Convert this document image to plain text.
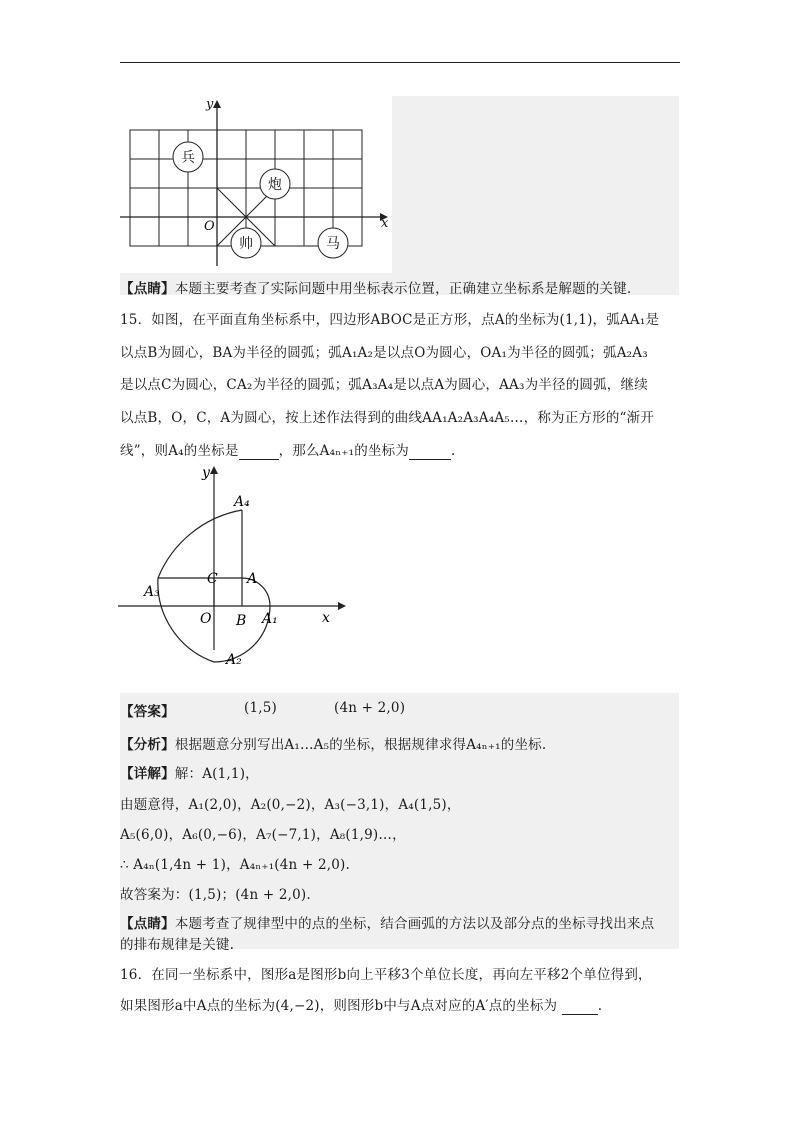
兵
炮
帅	马
x
y
O
【点睛】本题主要考查了实际问题中用坐标表示位置，正确建立坐标系是解题的关键.
15．如图，在平面直角坐标系中，四边形ABOC是正方形，点A的坐标为(1,1)，弧AA₁是
以点B为圆心，BA为半径的圆弧；弧A₁A₂是以点O为圆心，OA₁为半径的圆弧；弧A₂A₃
是以点C为圆心，CA₂为半径的圆弧；弧A₃A₄是以点A为圆心，AA₃为半径的圆弧，继续
以点B，O，C，A为圆心，按上述作法得到的曲线AA₁A₂A₃A₄A₅…，称为正方形的“渐开
线”，则A₄的坐标是	，那么A₄ₙ₊₁的坐标为	.
y
x
O
A
B
C
A₁
A₂
A₃
A₄
【答案】	(1,5)	(4n + 2,0)
【分析】根据题意分别写出A₁…A₅的坐标，根据规律求得A₄ₙ₊₁的坐标.
【详解】解：A(1,1)，
由题意得，A₁(2,0)，A₂(0,−2)，A₃(−3,1)，A₄(1,5)，
A₅(6,0)，A₆(0,−6)，A₇(−7,1)，A₈(1,9)…，
∴ A₄ₙ(1,4n + 1)，A₄ₙ₊₁(4n + 2,0).
故答案为：(1,5)；(4n + 2,0).
【点睛】本题考查了规律型中的点的坐标，结合画弧的方法以及部分点的坐标寻找出来点
的排布规律是关键.
16．在同一坐标系中，图形a是图形b向上平移3个单位长度，再向左平移2个单位得到，
如果图形a中A点的坐标为(4,−2)，则图形b中与A点对应的A′点的坐标为	.
